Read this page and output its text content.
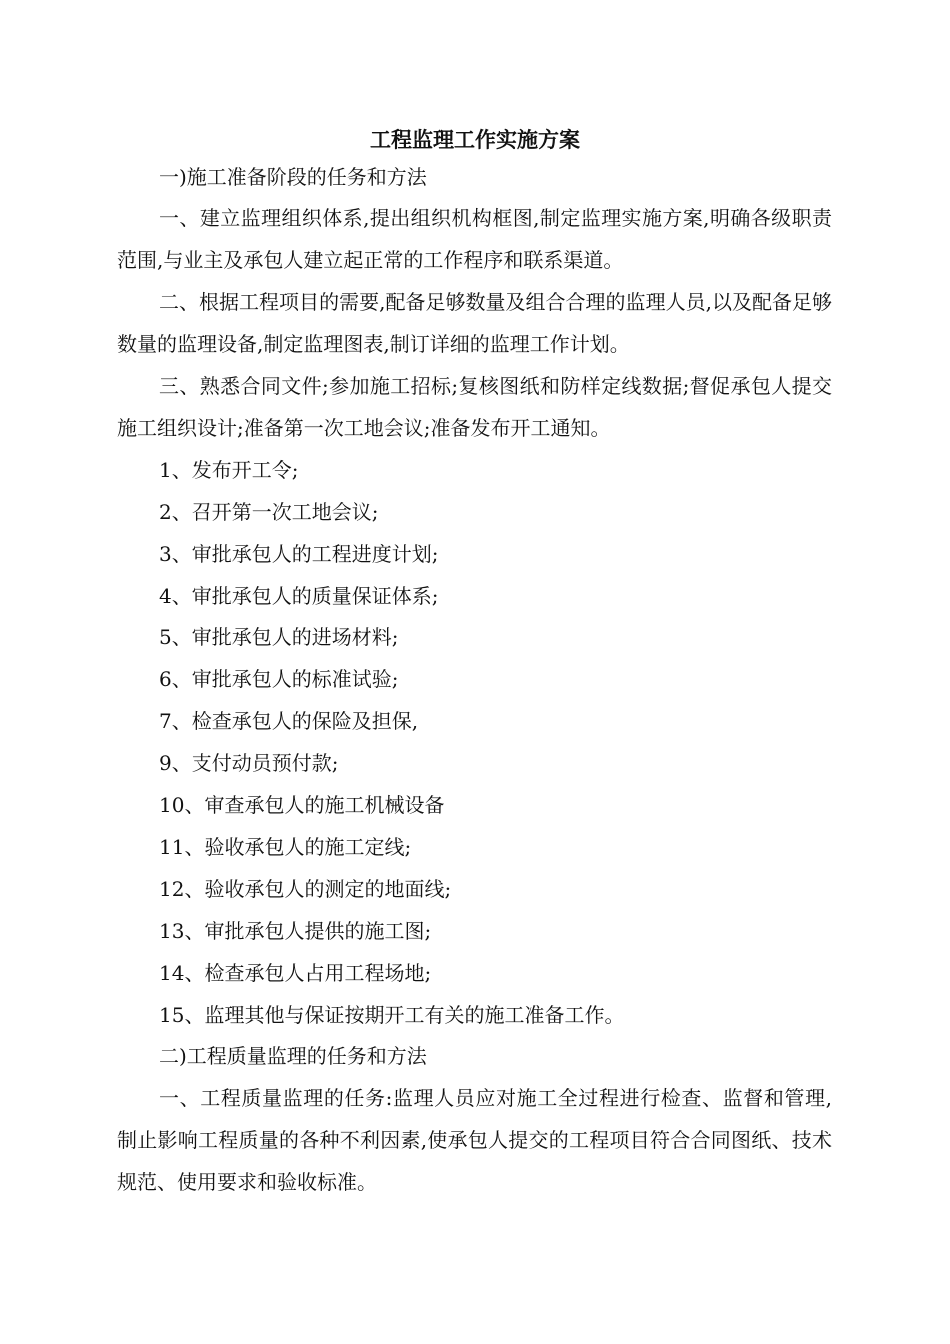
工程监理工作实施方案

一)施工准备阶段的任务和方法

一、建立监理组织体系,提出组织机构框图,制定监理实施方案,明确各级职责范围,与业主及承包人建立起正常的工作程序和联系渠道。

二、根据工程项目的需要,配备足够数量及组合合理的监理人员,以及配备足够数量的监理设备,制定监理图表,制订详细的监理工作计划。

三、熟悉合同文件;参加施工招标;复核图纸和防样定线数据;督促承包人提交施工组织设计;准备第一次工地会议;准备发布开工通知。

1、发布开工令;

2、召开第一次工地会议;

3、审批承包人的工程进度计划;

4、审批承包人的质量保证体系;

5、审批承包人的进场材料;

6、审批承包人的标准试验;

7、检查承包人的保险及担保,

9、支付动员预付款;

10、审查承包人的施工机械设备

11、验收承包人的施工定线;

12、验收承包人的测定的地面线;

13、审批承包人提供的施工图;

14、检查承包人占用工程场地;

15、监理其他与保证按期开工有关的施工准备工作。

二)工程质量监理的任务和方法

一、工程质量监理的任务:监理人员应对施工全过程进行检查、监督和管理,制止影响工程质量的各种不利因素,使承包人提交的工程项目符合合同图纸、技术规范、使用要求和验收标准。
